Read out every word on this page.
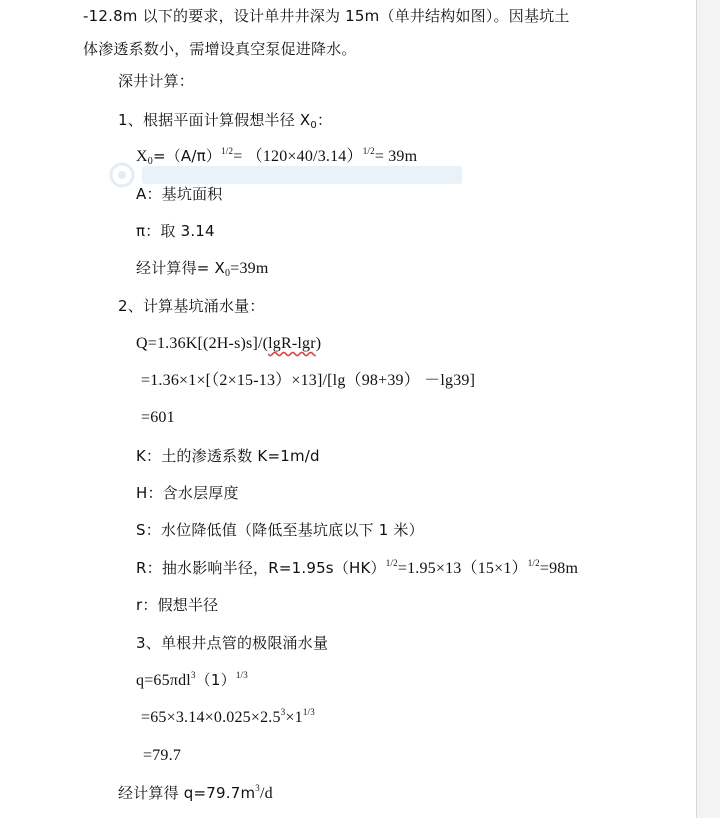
-12.8m 以下的要求，设计单井井深为 15m（单井结构如图）。因基坑土
体渗透系数小，需增设真空泵促进降水。
深井计算：
1、根据平面计算假想半径 $X_0$：
$X_0=(A/\pi)^{1/2}= (120\times 40/3.14)^{1/2}= 39m$
A：基坑面积
π：取 3.14
经计算得= $X_0=39m$
2、计算基坑涌水量：
Q=1.36K[(2H-s)s]/(lgR-lgr)
=1.36×1×[（2×15-13）×13]/[lg（98+39） －lg39]
=601
K：土的渗透系数 K=1m/d
H：含水层厚度
S：水位降低值（降低至基坑底以下 1 米）
R：抽水影响半径，$R=1.95s(HK)^{1/2}=1.95\times 13(15\times 1)^{1/2}=98m$
r：假想半径
3、单根井点管的极限涌水量
$q=65\pi dl^3(1)^{1/3}$
$=65\times 3.14\times 0.025\times 2.5^3\times 1^{1/3}$
=79.7
经计算得 $q=79.7m^3/d$
